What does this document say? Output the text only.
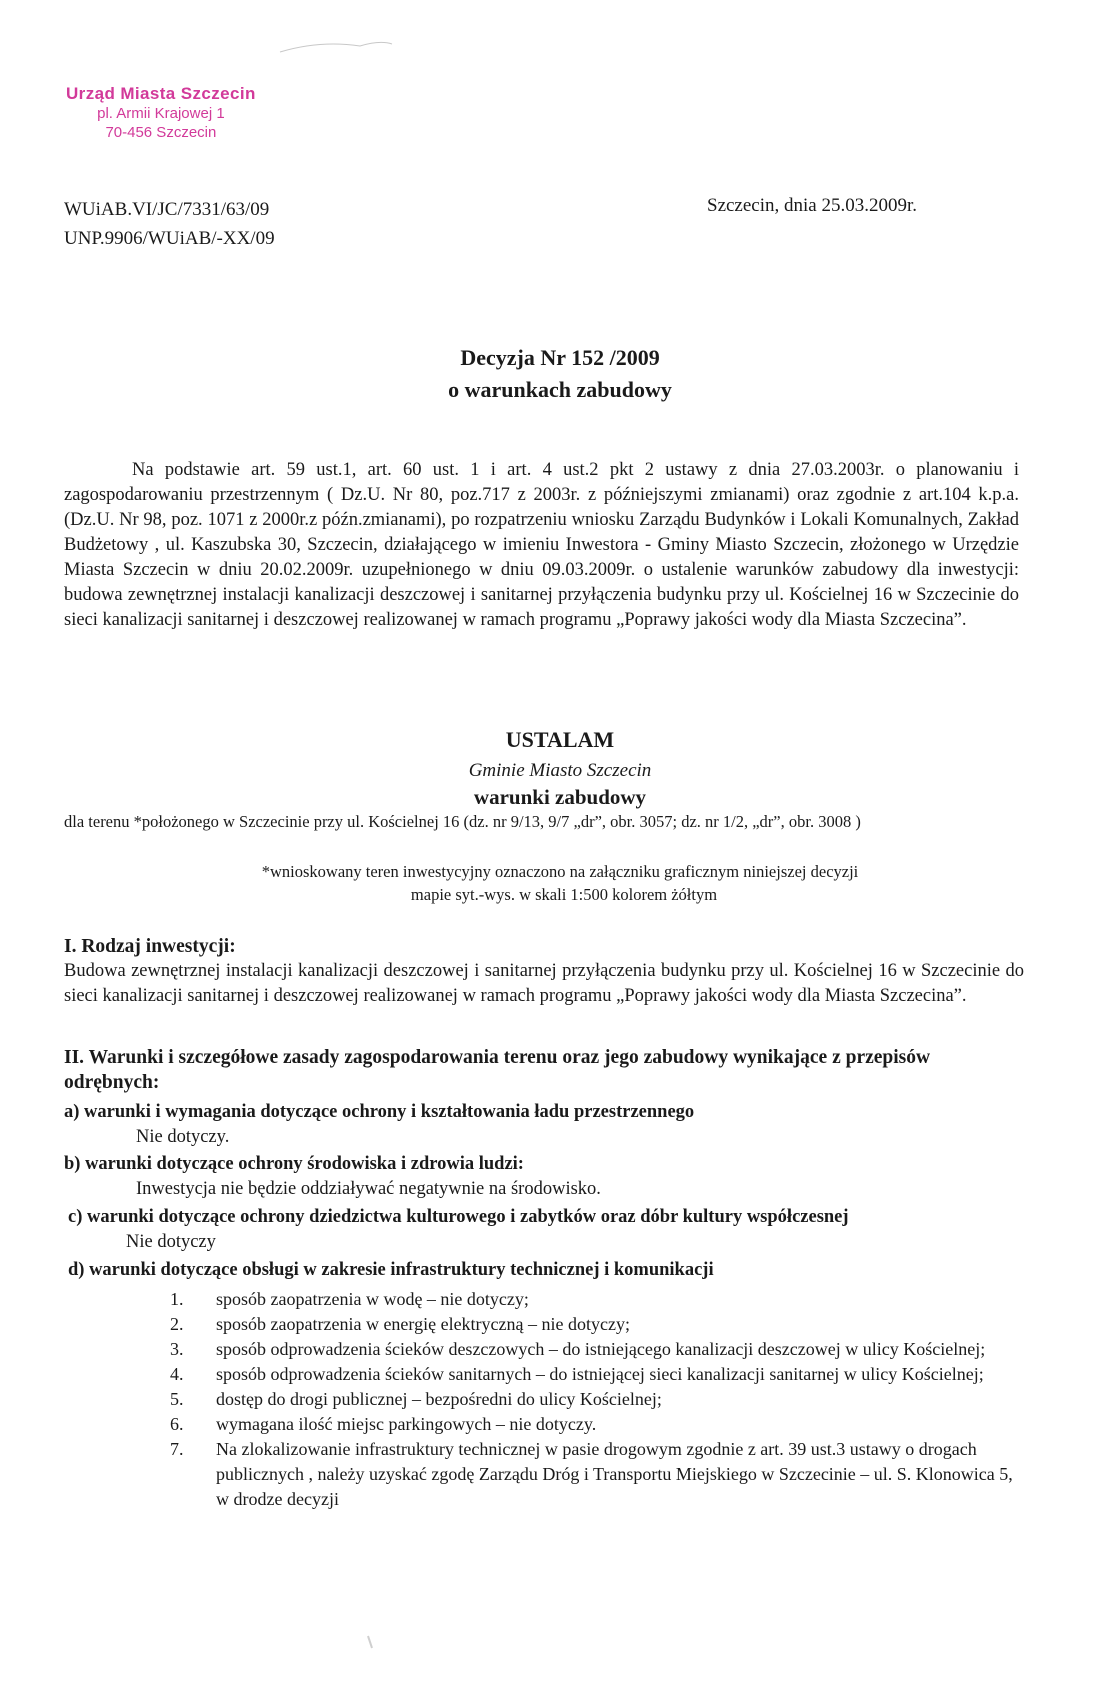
Urząd Miasta Szczecin
pl. Armii Krajowej 1
70-456 Szczecin
WUiAB.VI/JC/7331/63/09
UNP.9906/WUiAB/-XX/09
Szczecin, dnia 25.03.2009r.
Decyzja Nr 152 /2009
o warunkach zabudowy
Na podstawie art. 59 ust.1, art. 60 ust. 1 i art. 4 ust.2 pkt 2 ustawy z dnia 27.03.2003r. o planowaniu i zagospodarowaniu przestrzennym ( Dz.U. Nr 80, poz.717 z 2003r. z późniejszymi zmianami) oraz zgodnie z art.104 k.p.a. (Dz.U. Nr 98, poz. 1071 z 2000r.z późn.zmianami), po rozpatrzeniu wniosku Zarządu Budynków i Lokali Komunalnych, Zakład Budżetowy , ul. Kaszubska 30, Szczecin, działającego w imieniu Inwestora - Gminy Miasto Szczecin, złożonego w Urzędzie Miasta Szczecin w dniu 20.02.2009r. uzupełnionego w dniu 09.03.2009r. o ustalenie warunków zabudowy dla inwestycji: budowa zewnętrznej instalacji kanalizacji deszczowej i sanitarnej przyłączenia budynku przy ul. Kościelnej 16 w Szczecinie do sieci kanalizacji sanitarnej i deszczowej realizowanej w ramach programu „Poprawy jakości wody dla Miasta Szczecina”.
USTALAM
Gminie Miasto Szczecin
warunki zabudowy
dla terenu *położonego w Szczecinie przy ul. Kościelnej 16 (dz. nr 9/13, 9/7 „dr”, obr. 3057; dz. nr 1/2, „dr”, obr. 3008 )
*wnioskowany teren inwestycyjny oznaczono na załączniku graficznym niniejszej decyzji
mapie syt.-wys. w skali 1:500 kolorem żółtym
I. Rodzaj inwestycji:
Budowa zewnętrznej instalacji kanalizacji deszczowej i sanitarnej przyłączenia budynku przy ul. Kościelnej 16 w Szczecinie do sieci kanalizacji sanitarnej i deszczowej realizowanej w ramach programu „Poprawy jakości wody dla Miasta Szczecina”.
II. Warunki i szczegółowe zasady zagospodarowania terenu oraz jego zabudowy wynikające z przepisów odrębnych:
a) warunki i wymagania dotyczące ochrony i kształtowania ładu przestrzennego
Nie dotyczy.
b) warunki dotyczące ochrony środowiska i zdrowia ludzi:
Inwestycja nie będzie oddziaływać negatywnie na środowisko.
c) warunki dotyczące ochrony dziedzictwa kulturowego i zabytków oraz dóbr kultury współczesnej
Nie dotyczy
d) warunki dotyczące obsługi w zakresie infrastruktury technicznej i komunikacji
1.	sposób zaopatrzenia w wodę – nie dotyczy;
2.	sposób zaopatrzenia w energię elektryczną – nie dotyczy;
3.	sposób odprowadzenia ścieków deszczowych – do istniejącego kanalizacji deszczowej w ulicy Kościelnej;
4.	sposób odprowadzenia ścieków sanitarnych – do istniejącej sieci kanalizacji sanitarnej w ulicy Kościelnej;
5.	dostęp do drogi publicznej – bezpośredni do ulicy Kościelnej;
6.	wymagana ilość miejsc parkingowych – nie dotyczy.
7.	Na zlokalizowanie infrastruktury technicznej w pasie drogowym zgodnie z art. 39 ust.3 ustawy o drogach publicznych , należy uzyskać zgodę Zarządu Dróg i Transportu Miejskiego w Szczecinie – ul. S. Klonowica 5, w drodze decyzji
